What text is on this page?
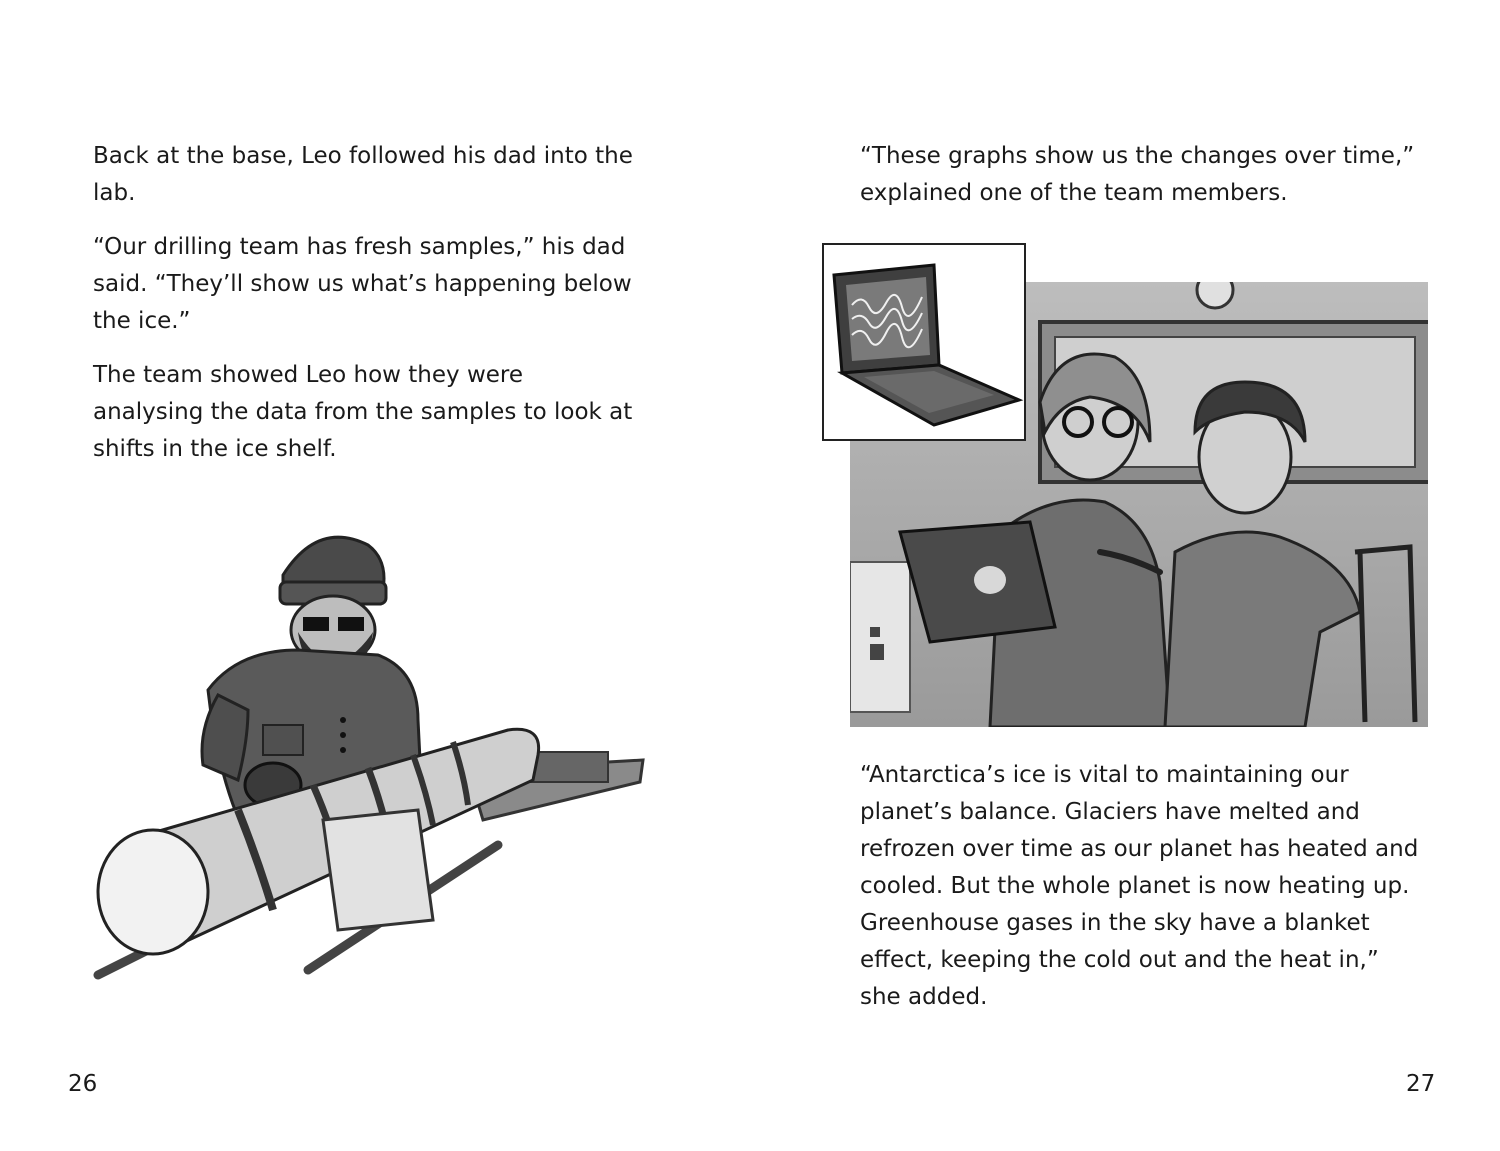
Back at the base, Leo followed his dad into the lab.

“Our drilling team has fresh samples,” his dad said. “They’ll show us what’s happening below the ice.”

The team showed Leo how they were analysing the data from the samples to look at shifts in the ice shelf.

26

“These graphs show us the changes over time,” explained one of the team members.

“Antarctica’s ice is vital to maintaining our planet’s balance. Glaciers have melted and refrozen over time as our planet has heated and cooled. But the whole planet is now heating up. Greenhouse gases in the sky have a blanket effect, keeping the cold out and the heat in,” she added.

27
